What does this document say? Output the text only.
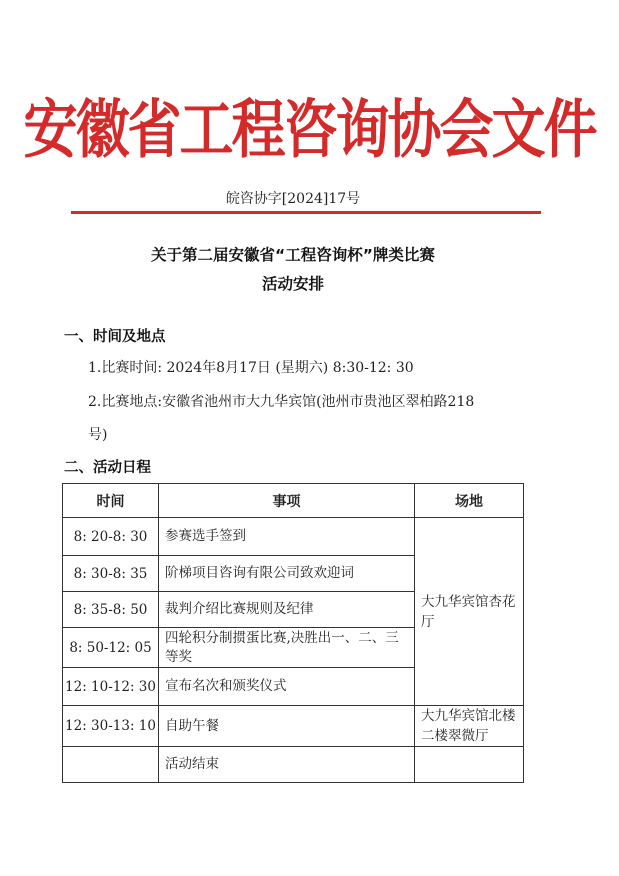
安徽省工程咨询协会文件
皖咨协字[2024]17号
关于第二届安徽省“工程咨询杯”牌类比赛
活动安排
一、时间及地点
1.比赛时间: 2024年8月17日 (星期六) 8:30-12: 30
2.比赛地点:安徽省池州市大九华宾馆(池州市贵池区翠柏路218
号)
二、活动日程
时间	事项	场地
8: 20-8: 30	参赛选手签到	大九华宾馆杏花厅
8: 30-8: 35	阶梯项目咨询有限公司致欢迎词	
8: 35-8: 50	裁判介绍比赛规则及纪律	
8: 50-12: 05	四轮积分制掼蛋比赛,决胜出一、二、三等奖	
12: 10-12: 30	宣布名次和颁奖仪式	
12: 30-13: 10	自助午餐	大九华宾馆北楼二楼翠微厅
	活动结束	
